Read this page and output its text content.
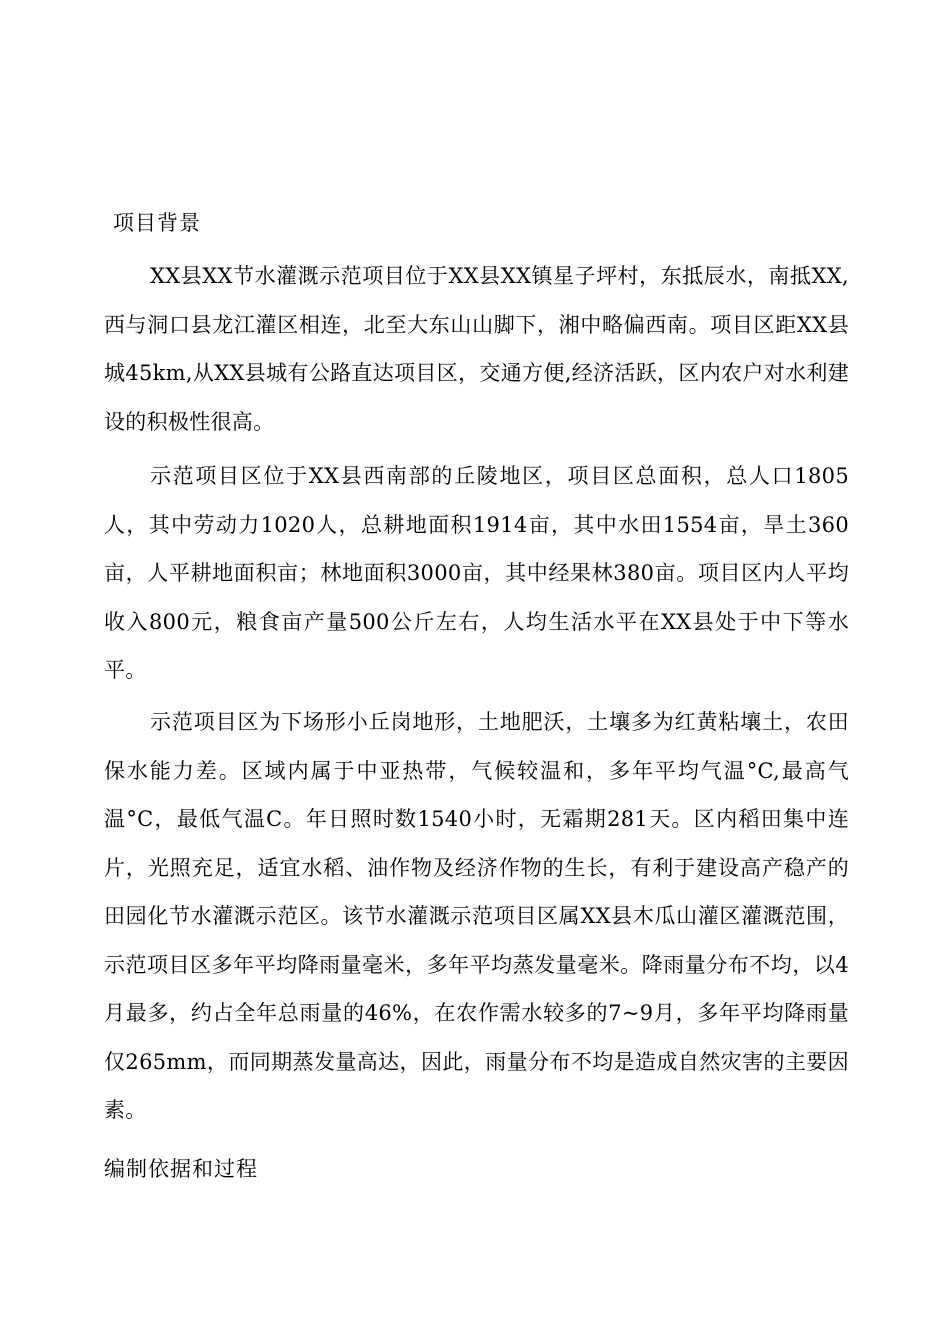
项目背景

XX县XX节水灌溉示范项目位于XX县XX镇星子坪村，东抵辰水，南抵XX,西与洞口县龙江灌区相连，北至大东山山脚下，湘中略偏西南。项目区距XX县城45km,从XX县城有公路直达项目区，交通方便,经济活跃，区内农户对水利建设的积极性很高。

示范项目区位于XX县西南部的丘陵地区，项目区总面积，总人口1805人，其中劳动力1020人，总耕地面积1914亩，其中水田1554亩，旱土360亩，人平耕地面积亩；林地面积3000亩，其中经果林380亩。项目区内人平均收入800元，粮食亩产量500公斤左右，人均生活水平在XX县处于中下等水平。

示范项目区为下场形小丘岗地形，土地肥沃，土壤多为红黄粘壤土，农田保水能力差。区域内属于中亚热带，气候较温和，多年平均气温°C,最高气温°C，最低气温C。年日照时数1540小时，无霜期281天。区内稻田集中连片，光照充足，适宜水稻、油作物及经济作物的生长，有利于建设高产稳产的田园化节水灌溉示范区。该节水灌溉示范项目区属XX县木瓜山灌区灌溉范围，示范项目区多年平均降雨量毫米，多年平均蒸发量毫米。降雨量分布不均，以4月最多，约占全年总雨量的46%，在农作需水较多的7~9月，多年平均降雨量仅265mm，而同期蒸发量高达，因此，雨量分布不均是造成自然灾害的主要因素。

编制依据和过程
